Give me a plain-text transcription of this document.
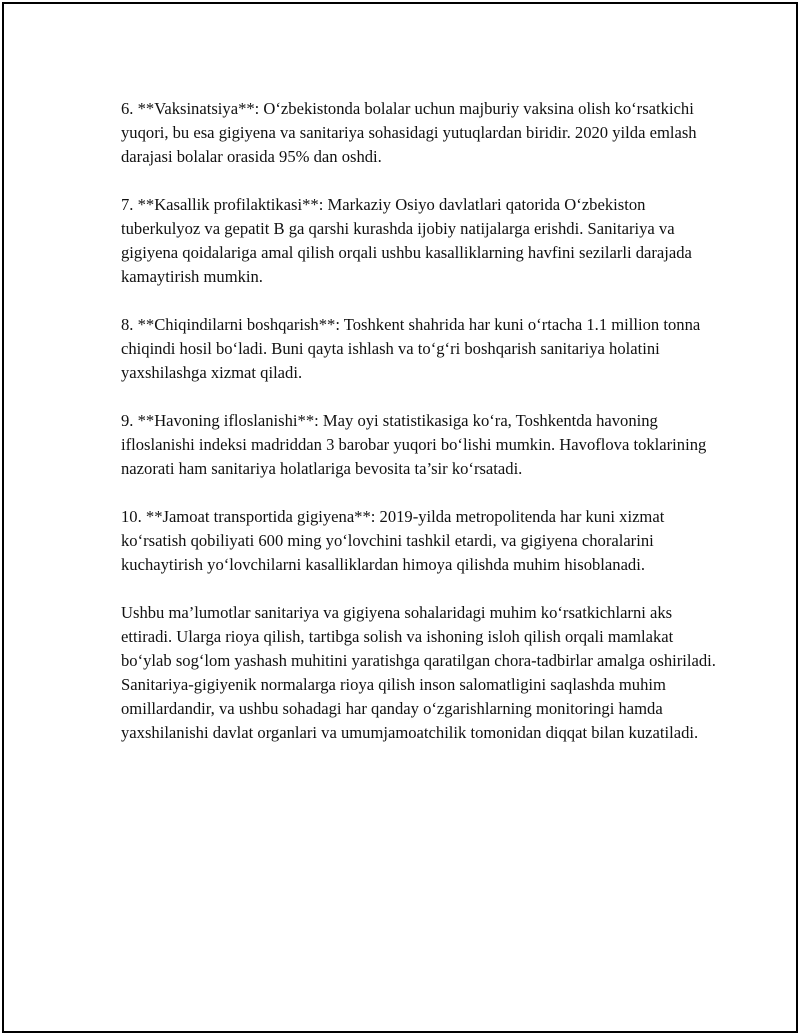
6. **Vaksinatsiya**: O‘zbekistonda bolalar uchun majburiy vaksina olish ko‘rsatkichi yuqori, bu esa gigiyena va sanitariya sohasidagi yutuqlardan biridir. 2020 yilda emlash darajasi bolalar orasida 95% dan oshdi.

7. **Kasallik profilaktikasi**: Markaziy Osiyo davlatlari qatorida O‘zbekiston tuberkulyoz va gepatit B ga qarshi kurashda ijobiy natijalarga erishdi. Sanitariya va gigiyena qoidalariga amal qilish orqali ushbu kasalliklarning havfini sezilarli darajada kamaytirish mumkin.

8. **Chiqindilarni boshqarish**: Toshkent shahrida har kuni o‘rtacha 1.1 million tonna chiqindi hosil bo‘ladi. Buni qayta ishlash va to‘g‘ri boshqarish sanitariya holatini yaxshilashga xizmat qiladi.

9. **Havoning ifloslanishi**: May oyi statistikasiga ko‘ra, Toshkentda havoning ifloslanishi indeksi madriddan 3 barobar yuqori bo‘lishi mumkin. Havoflova toklarining nazorati ham sanitariya holatlariga bevosita ta’sir ko‘rsatadi.

10. **Jamoat transportida gigiyena**: 2019-yilda metropolitenda har kuni xizmat ko‘rsatish qobiliyati 600 ming yo‘lovchini tashkil etardi, va gigiyena choralarini kuchaytirish yo‘lovchilarni kasalliklardan himoya qilishda muhim hisoblanadi.

Ushbu ma’lumotlar sanitariya va gigiyena sohalaridagi muhim ko‘rsatkichlarni aks ettiradi. Ularga rioya qilish, tartibga solish va ishoning isloh qilish orqali mamlakat bo‘ylab sog‘lom yashash muhitini yaratishga qaratilgan chora-tadbirlar amalga oshiriladi. Sanitariya-gigiyenik normalarga rioya qilish inson salomatligini saqlashda muhim omillardandir, va ushbu sohadagi har qanday o‘zgarishlarning monitoringi hamda yaxshilanishi davlat organlari va umumjamoatchilik tomonidan diqqat bilan kuzatiladi.
